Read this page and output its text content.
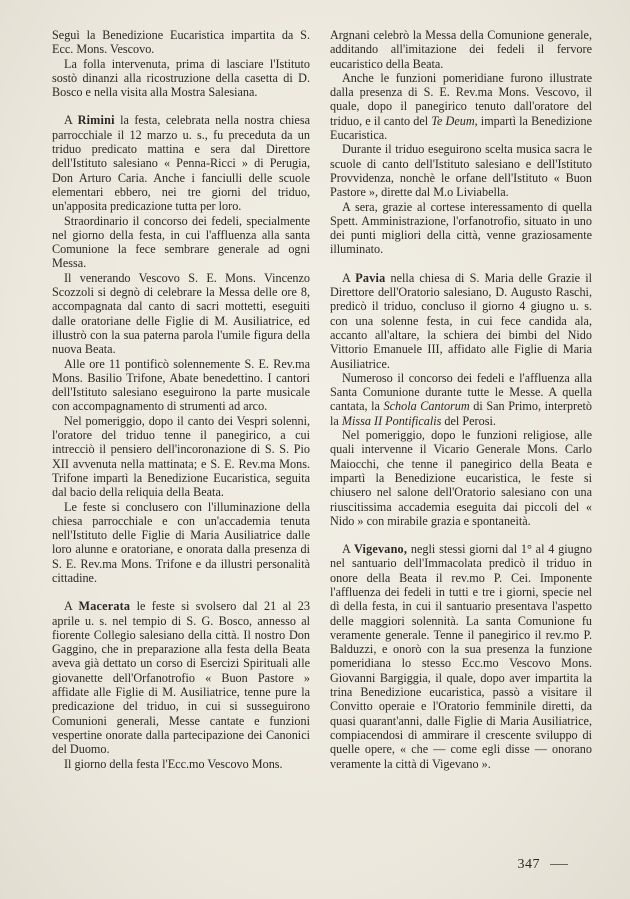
Seguì la Benedizione Eucaristica impartita da S. Ecc. Mons. Vescovo.

La folla intervenuta, prima di lasciare l'Istituto sostò dinanzi alla ricostruzione della casetta di D. Bosco e nella visita alla Mostra Salesiana.

A Rimini la festa, celebrata nella nostra chiesa parrocchiale il 12 marzo u. s., fu preceduta da un triduo predicato mattina e sera dal Direttore dell'Istituto salesiano « Penna-Ricci » di Perugia, Don Arturo Caria. Anche i fanciulli delle scuole elementari ebbero, nei tre giorni del triduo, un'apposita predicazione tutta per loro.

Straordinario il concorso dei fedeli, specialmente nel giorno della festa, in cui l'affluenza alla santa Comunione la fece sembrare generale ad ogni Messa.

Il venerando Vescovo S. E. Mons. Vincenzo Scozzoli si degnò di celebrare la Messa delle ore 8, accompagnata dal canto di sacri mottetti, eseguiti dalle oratoriane delle Figlie di M. Ausiliatrice, ed illustrò con la sua paterna parola l'umile figura della nuova Beata.

Alle ore 11 pontificò solennemente S. E. Rev.ma Mons. Basilio Trifone, Abate benedettino. I cantori dell'Istituto salesiano eseguirono la parte musicale con accompagnamento di strumenti ad arco.

Nel pomeriggio, dopo il canto dei Vespri solenni, l'oratore del triduo tenne il panegirico, a cui intrecciò il pensiero dell'incoronazione di S. S. Pio XII avvenuta nella mattinata; e S. E. Rev.ma Mons. Trifone impartì la Benedizione Eucaristica, seguita dal bacio della reliquia della Beata.

Le feste si conclusero con l'illuminazione della chiesa parrocchiale e con un'accademia tenuta nell'Istituto delle Figlie di Maria Ausiliatrice dalle loro alunne e oratoriane, e onorata dalla presenza di S. E. Rev.ma Mons. Trifone e da illustri personalità cittadine.

A Macerata le feste si svolsero dal 21 al 23 aprile u. s. nel tempio di S. G. Bosco, annesso al fiorente Collegio salesiano della città. Il nostro Don Gaggino, che in preparazione alla festa della Beata aveva già dettato un corso di Esercizi Spirituali alle giovanette dell'Orfanotrofio « Buon Pastore » affidate alle Figlie di M. Ausiliatrice, tenne pure la predicazione del triduo, in cui si susseguirono Comunioni generali, Messe cantate e funzioni vespertine onorate dalla partecipazione dei Canonici del Duomo.

Il giorno della festa l'Ecc.mo Vescovo Mons.

Argnani celebrò la Messa della Comunione generale, additando all'imitazione dei fedeli il fervore eucaristico della Beata.

Anche le funzioni pomeridiane furono illustrate dalla presenza di S. E. Rev.ma Mons. Vescovo, il quale, dopo il panegirico tenuto dall'oratore del triduo, e il canto del Te Deum, impartì la Benedizione Eucaristica.

Durante il triduo eseguirono scelta musica sacra le scuole di canto dell'Istituto salesiano e dell'Istituto Provvidenza, nonchè le orfane dell'Istituto « Buon Pastore », dirette dal M.o Liviabella.

A sera, grazie al cortese interessamento di quella Spett. Amministrazione, l'orfanotrofio, situato in uno dei punti migliori della città, venne graziosamente illuminato.

A Pavia nella chiesa di S. Maria delle Grazie il Direttore dell'Oratorio salesiano, D. Augusto Raschi, predicò il triduo, concluso il giorno 4 giugno u. s. con una solenne festa, in cui fece candida ala, accanto all'altare, la schiera dei bimbi del Nido Vittorio Emanuele III, affidato alle Figlie di Maria Ausiliatrice.

Numeroso il concorso dei fedeli e l'affluenza alla Santa Comunione durante tutte le Messe. A quella cantata, la Schola Cantorum di San Primo, interpretò la Missa II Pontificalis del Perosi.

Nel pomeriggio, dopo le funzioni religiose, alle quali intervenne il Vicario Generale Mons. Carlo Maiocchi, che tenne il panegirico della Beata e impartì la Benedizione eucaristica, le feste si chiusero nel salone dell'Oratorio salesiano con una riuscitissima accademia eseguita dai piccoli del « Nido » con mirabile grazia e spontaneità.

A Vigevano, negli stessi giorni dal 1° al 4 giugno nel santuario dell'Immacolata predicò il triduo in onore della Beata il rev.mo P. Cei. Imponente l'affluenza dei fedeli in tutti e tre i giorni, specie nel dì della festa, in cui il santuario presentava l'aspetto delle maggiori solennità. La santa Comunione fu veramente generale. Tenne il panegirico il rev.mo P. Balduzzi, e onorò con la sua presenza la funzione pomeridiana lo stesso Ecc.mo Vescovo Mons. Giovanni Bargiggia, il quale, dopo aver impartita la trina Benedizione eucaristica, passò a visitare il Convitto operaie e l'Oratorio femminile diretti, da quasi quarant'anni, dalle Figlie di Maria Ausiliatrice, compiacendosi di ammirare il crescente sviluppo di quelle opere, « che — come egli disse — onorano veramente la città di Vigevano ».

347
